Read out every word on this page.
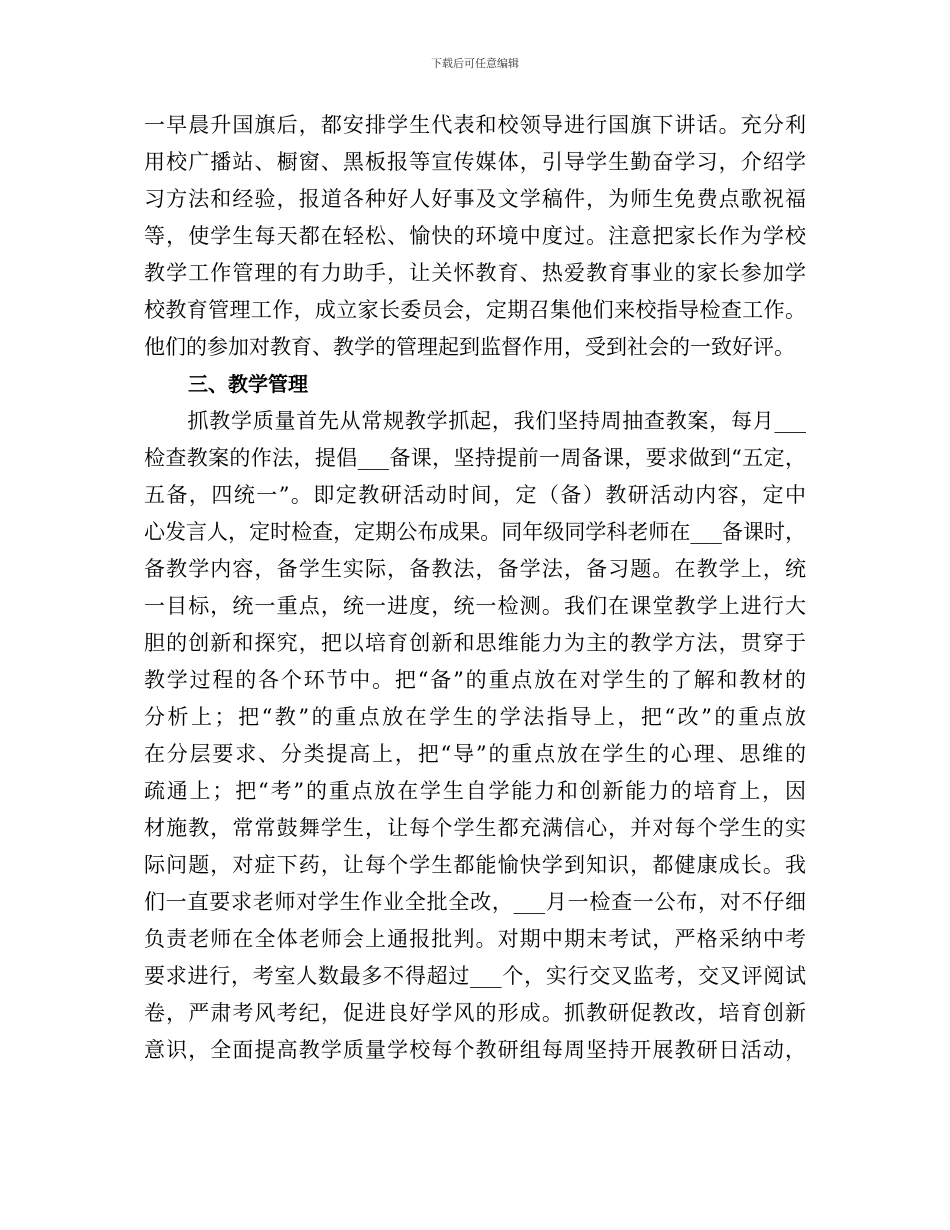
下载后可任意编辑
一早晨升国旗后，都安排学生代表和校领导进行国旗下讲话。充分利
用校广播站、橱窗、黑板报等宣传媒体，引导学生勤奋学习，介绍学
习方法和经验，报道各种好人好事及文学稿件，为师生免费点歌祝福
等，使学生每天都在轻松、愉快的环境中度过。注意把家长作为学校
教学工作管理的有力助手，让关怀教育、热爱教育事业的家长参加学
校教育管理工作，成立家长委员会，定期召集他们来校指导检查工作。
他们的参加对教育、教学的管理起到监督作用，受到社会的一致好评。
三、教学管理
　　抓教学质量首先从常规教学抓起，我们坚持周抽查教案，每月___
检查教案的作法，提倡___备课，坚持提前一周备课，要求做到“五定，
五备，四统一”。即定教研活动时间，定（备）教研活动内容，定中
心发言人，定时检查，定期公布成果。同年级同学科老师在___备课时，
备教学内容，备学生实际，备教法，备学法，备习题。在教学上，统
一目标，统一重点，统一进度，统一检测。我们在课堂教学上进行大
胆的创新和探究，把以培育创新和思维能力为主的教学方法，贯穿于
教学过程的各个环节中。把“备”的重点放在对学生的了解和教材的
分析上；把“教”的重点放在学生的学法指导上，把“改”的重点放
在分层要求、分类提高上，把“导”的重点放在学生的心理、思维的
疏通上；把“考”的重点放在学生自学能力和创新能力的培育上，因
材施教，常常鼓舞学生，让每个学生都充满信心，并对每个学生的实
际问题，对症下药，让每个学生都能愉快学到知识，都健康成长。我
们一直要求老师对学生作业全批全改，___月一检查一公布，对不仔细
负责老师在全体老师会上通报批判。对期中期末考试，严格采纳中考
要求进行，考室人数最多不得超过___个，实行交叉监考，交叉评阅试
卷，严肃考风考纪，促进良好学风的形成。抓教研促教改，培育创新
意识，全面提高教学质量学校每个教研组每周坚持开展教研日活动，
